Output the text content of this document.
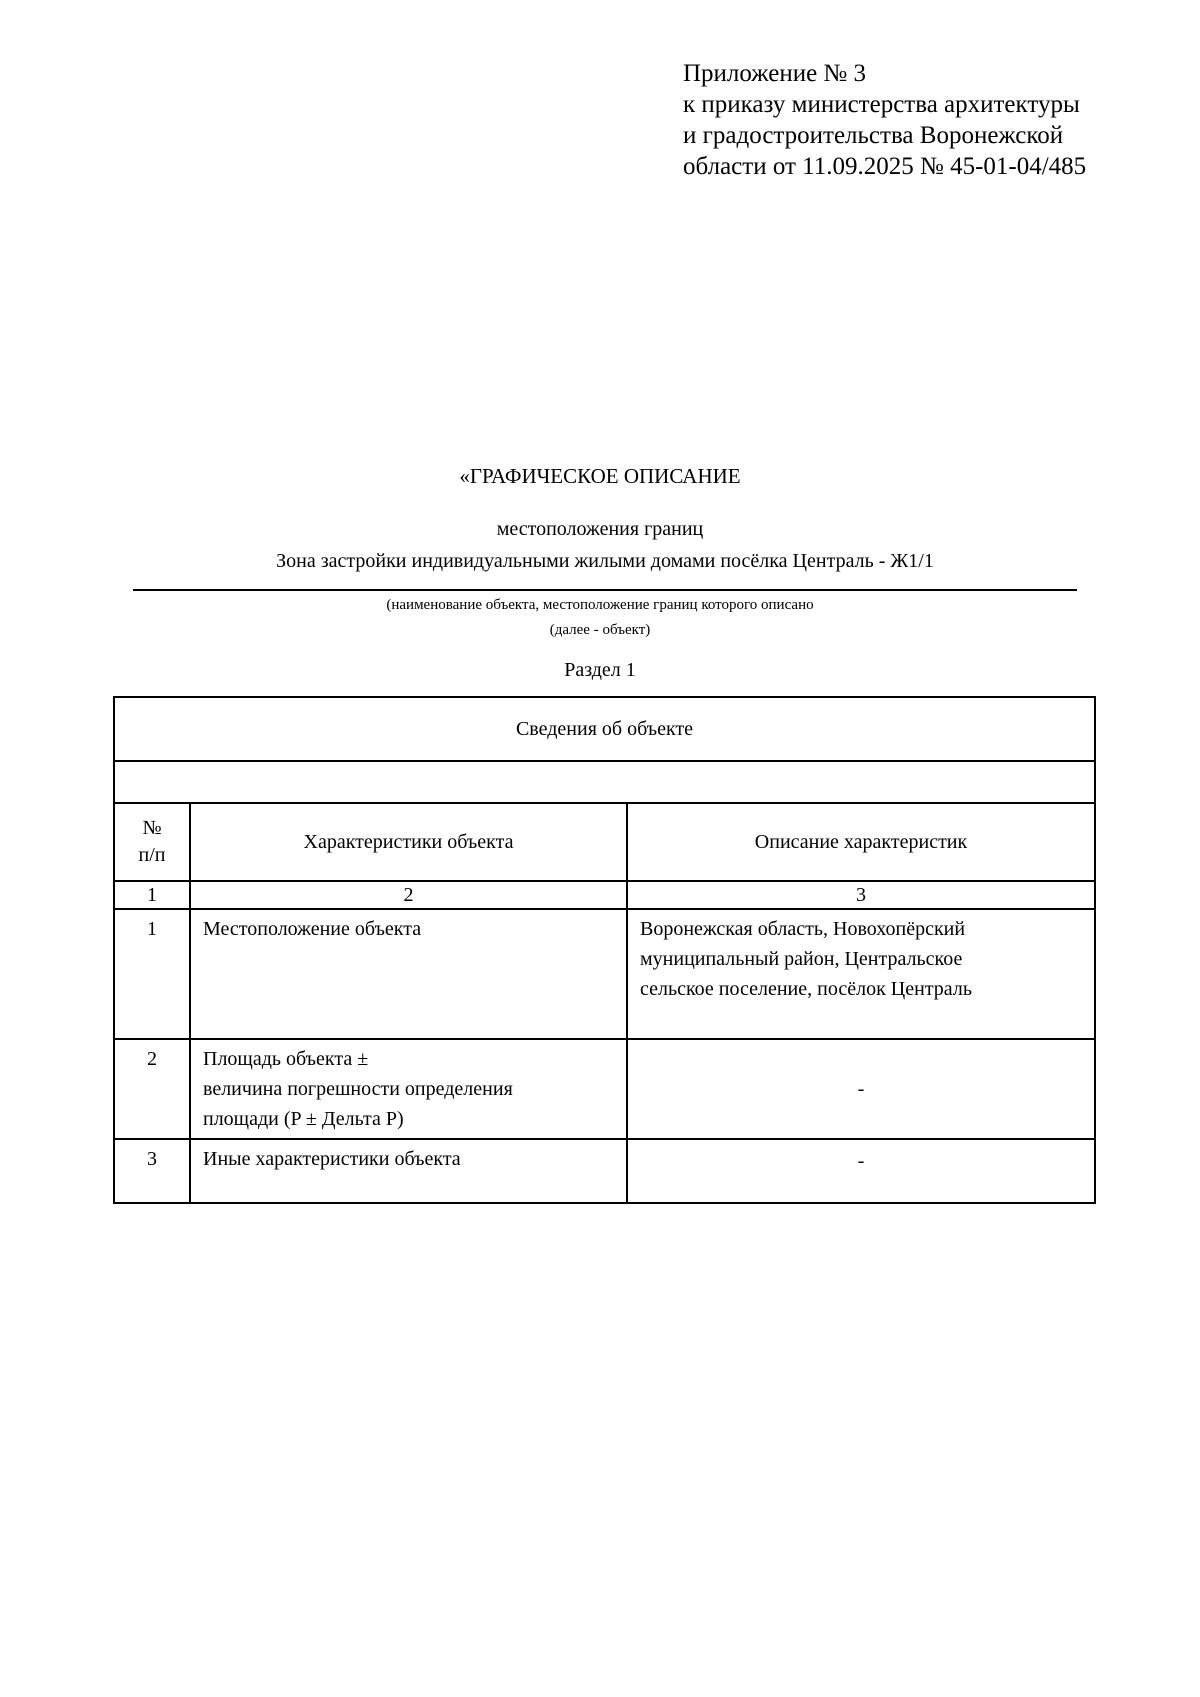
Приложение № 3
к приказу министерства архитектуры
и градостроительства Воронежской
области от 11.09.2025 № 45-01-04/485
«ГРАФИЧЕСКОЕ ОПИСАНИЕ
местоположения границ
Зона застройки индивидуальными жилыми домами посёлка Централь - Ж1/1
(наименование объекта, местоположение границ которого описано
(далее - объект)
Раздел 1
Сведения об объекте		

№
п/п	Характеристики объекта	Описание характеристик
1	2	3
1	Местоположение объекта	Воронежская область, Новохопёрский
муниципальный район, Центральское
сельское поселение, посёлок Централь

2	Площадь объекта ±
величина погрешности определения
площади (P ± Дельта P)	-
3	Иные характеристики объекта	-
